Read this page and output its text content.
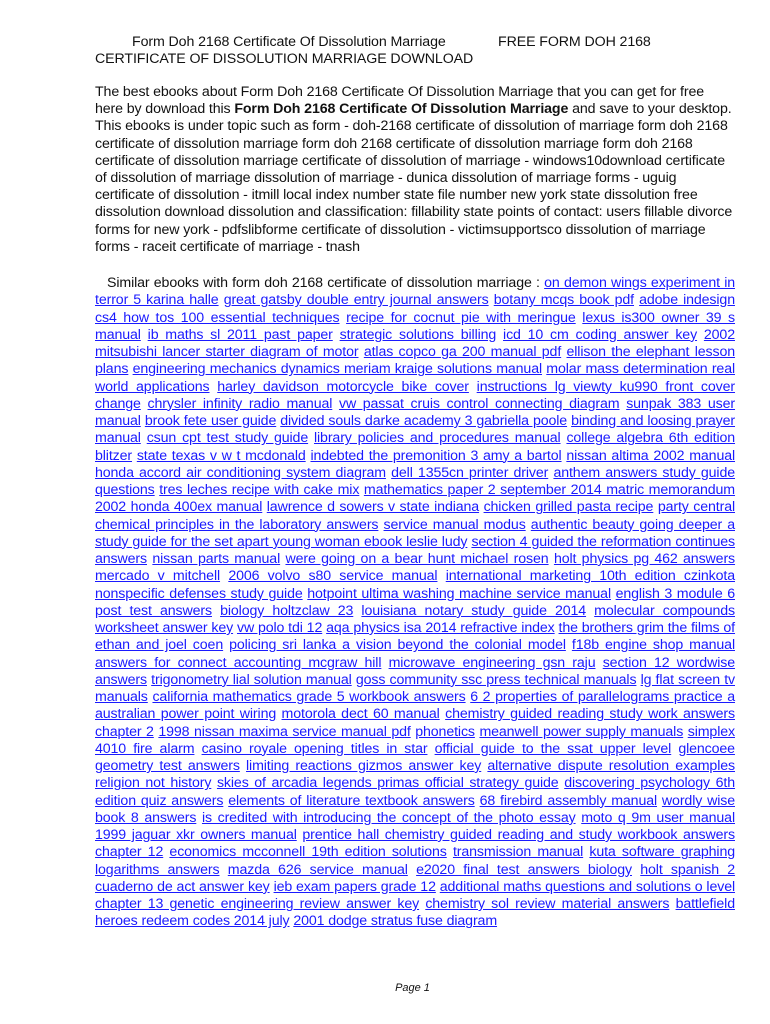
Form Doh 2168 Certificate Of Dissolution Marriage	FREE FORM DOH 2168
CERTIFICATE OF DISSOLUTION MARRIAGE DOWNLOAD
The best ebooks about Form Doh 2168 Certificate Of Dissolution Marriage that you can get for free here by download this Form Doh 2168 Certificate Of Dissolution Marriage and save to your desktop. This ebooks is under topic such as form - doh-2168 certificate of dissolution of marriage form doh 2168 certificate of dissolution marriage form doh 2168 certificate of dissolution marriage form doh 2168 certificate of dissolution marriage certificate of dissolution of marriage - windows10download certificate of dissolution of marriage dissolution of marriage - dunica dissolution of marriage forms - uguig certificate of dissolution - itmill local index number state file number new york state dissolution free dissolution download dissolution and classification: fillability state points of contact: users fillable divorce forms for new york - pdfslibforme certificate of dissolution - victimsupportsco dissolution of marriage forms - raceit certificate of marriage - tnash
Similar ebooks with form doh 2168 certificate of dissolution marriage : on demon wings experiment in terror 5 karina halle great gatsby double entry journal answers botany mcqs book pdf adobe indesign cs4 how tos 100 essential techniques recipe for cocnut pie with meringue lexus is300 owner 39 s manual ib maths sl 2011 past paper strategic solutions billing icd 10 cm coding answer key 2002 mitsubishi lancer starter diagram of motor atlas copco ga 200 manual pdf ellison the elephant lesson plans engineering mechanics dynamics meriam kraige solutions manual molar mass determination real world applications harley davidson motorcycle bike cover instructions lg viewty ku990 front cover change chrysler infinity radio manual vw passat cruis control connecting diagram sunpak 383 user manual brook fete user guide divided souls darke academy 3 gabriella poole binding and loosing prayer manual csun cpt test study guide library policies and procedures manual college algebra 6th edition blitzer state texas v w t mcdonald indebted the premonition 3 amy a bartol nissan altima 2002 manual honda accord air conditioning system diagram dell 1355cn printer driver anthem answers study guide questions tres leches recipe with cake mix mathematics paper 2 september 2014 matric memorandum 2002 honda 400ex manual lawrence d sowers v state indiana chicken grilled pasta recipe party central chemical principles in the laboratory answers service manual modus authentic beauty going deeper a study guide for the set apart young woman ebook leslie ludy section 4 guided the reformation continues answers nissan parts manual were going on a bear hunt michael rosen holt physics pg 462 answers mercado v mitchell 2006 volvo s80 service manual international marketing 10th edition czinkota nonspecific defenses study guide hotpoint ultima washing machine service manual english 3 module 6 post test answers biology holtzclaw 23 louisiana notary study guide 2014 molecular compounds worksheet answer key vw polo tdi 12 aqa physics isa 2014 refractive index the brothers grim the films of ethan and joel coen policing sri lanka a vision beyond the colonial model f18b engine shop manual answers for connect accounting mcgraw hill microwave engineering gsn raju section 12 wordwise answers trigonometry lial solution manual goss community ssc press technical manuals lg flat screen tv manuals california mathematics grade 5 workbook answers 6 2 properties of parallelograms practice a australian power point wiring motorola dect 60 manual chemistry guided reading study work answers chapter 2 1998 nissan maxima service manual pdf phonetics meanwell power supply manuals simplex 4010 fire alarm casino royale opening titles in star official guide to the ssat upper level glencoee geometry test answers limiting reactions gizmos answer key alternative dispute resolution examples religion not history skies of arcadia legends primas official strategy guide discovering psychology 6th edition quiz answers elements of literature textbook answers 68 firebird assembly manual wordly wise book 8 answers is credited with introducing the concept of the photo essay moto q 9m user manual 1999 jaguar xkr owners manual prentice hall chemistry guided reading and study workbook answers chapter 12 economics mcconnell 19th edition solutions transmission manual kuta software graphing logarithms answers mazda 626 service manual e2020 final test answers biology holt spanish 2 cuaderno de act answer key ieb exam papers grade 12 additional maths questions and solutions o level chapter 13 genetic engineering review answer key chemistry sol review material answers battlefield heroes redeem codes 2014 july 2001 dodge stratus fuse diagram
Page 1
